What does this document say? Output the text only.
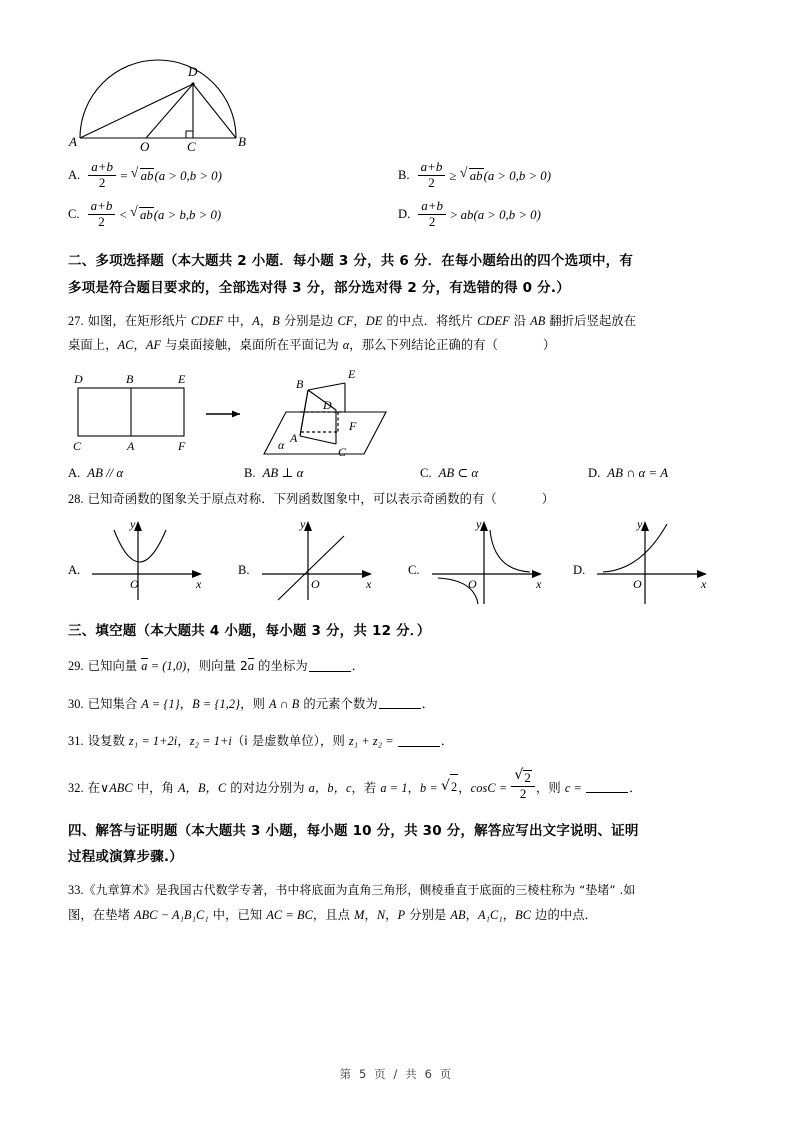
D
A	B
O	C
A. $\frac{a+b}{2}$ = √ ab(a > 0,b > 0)	B. $\frac{a+b}{2}$ ≥ √ ab(a > 0,b > 0)
C. $\frac{a+b}{2}$ < √ ab(a > b,b > 0)	D. $\frac{a+b}{2} > ab(a > 0,b > 0)$
二、多项选择题（本大题共 2 小题．每小题 3 分，共 6 分．在每小题给出的四个选项中，有
多项是符合题目要求的，全部选对得 3 分，部分选对得 2 分，有选错的得 0 分.）
27. 如图，在矩形纸片 CDEF 中，A，B 分别是边 CF，DE 的中点．将纸片 CDEF 沿 AB 翻折后竖起放在
桌面上，AC，AF 与桌面接触，桌面所在平面记为 α，那么下列结论正确的有（	）
D	B	E
C	A	F
B
E
D
A
F
C
α
A. AB // α	B. AB ⊥ α	C. AB ⊂ α	D. AB ∩ α = A
28. 已知奇函数的图象关于原点对称．下列函数图象中，可以表示奇函数的有（	）
A.
O
y
x
B.
O
y
x
C.
O
y
x
D.
O
y
x
三、填空题（本大题共 4 小题，每小题 3 分，共 12 分．）
29. 已知向量 a = (1,0)，则向量 2a 的坐标为	．
30. 已知集合 A = {1}，B = {1,2}，则 A ∩ B 的元素个数为	．
31. 设复数 z₁ = 1+2i，z₂ = 1+i（i 是虚数单位），则 z₁ + z₂ =	．
32. 在∨ABC 中，角 A，B，C 的对边分别为 a，b，c，若 a = 1，b = √ 2，cosC = √ $\frac{2}{2}$ ，则 c =	．
四、解答与证明题（本大题共 3 小题，每小题 10 分，共 30 分，解答应写出文字说明、证明
过程或演算步骤.）
33.《九章算术》是我国古代数学专著，书中将底面为直角三角形，侧棱垂直于底面的三棱柱称为 “垫堵” .如
图，在垫堵 ABC − A₁B₁C₁ 中，已知 AC = BC，且点 M，N，P 分别是 AB，A₁C₁，BC 边的中点．
第 5 页 / 共 6 页
